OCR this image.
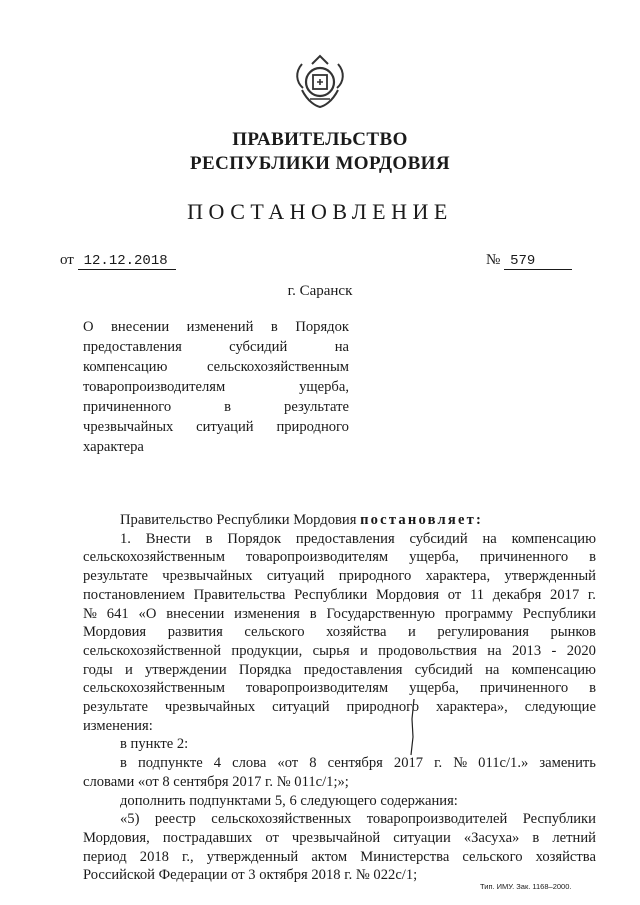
ПРАВИТЕЛЬСТВО
РЕСПУБЛИКИ МОРДОВИЯ
ПОСТАНОВЛЕНИЕ
от 12.12.2018	№ 579
г. Саранск
О внесении изменений в Порядок
предоставления	субсидий	на
компенсацию	сельскохозяйственным
товаропроизводителям	ущерба,
причиненного	в	результате
чрезвычайных ситуаций природного
характера
Правительство Республики Мордовия постановляет:
1. Внести в Порядок предоставления субсидий на компенсацию
сельскохозяйственным товаропроизводителям ущерба, причиненного в
результате чрезвычайных ситуаций природного характера, утвержденный
постановлением Правительства Республики Мордовия от 11 декабря 2017 г.
№ 641 «О внесении изменения в Государственную программу Республики
Мордовия развития сельского хозяйства и регулирования рынков
сельскохозяйственной продукции, сырья и продовольствия на 2013 - 2020
годы и утверждении Порядка предоставления субсидий на компенсацию
сельскохозяйственным товаропроизводителям ущерба, причиненного в
результате чрезвычайных ситуаций природного характера», следующие
изменения:
в пункте 2:
в подпункте 4 слова «от 8 сентября 2017 г. № 011с/1.» заменить
словами «от 8 сентября 2017 г. № 011с/1;»;
дополнить подпунктами 5, 6 следующего содержания:
«5) реестр сельскохозяйственных товаропроизводителей Республики
Мордовия, пострадавших от чрезвычайной ситуации «Засуха» в летний
период 2018 г., утвержденный актом Министерства сельского хозяйства
Российской Федерации от 3 октября 2018 г. № 022с/1;
Тип. ИМУ. Зак. 1168–2000.
